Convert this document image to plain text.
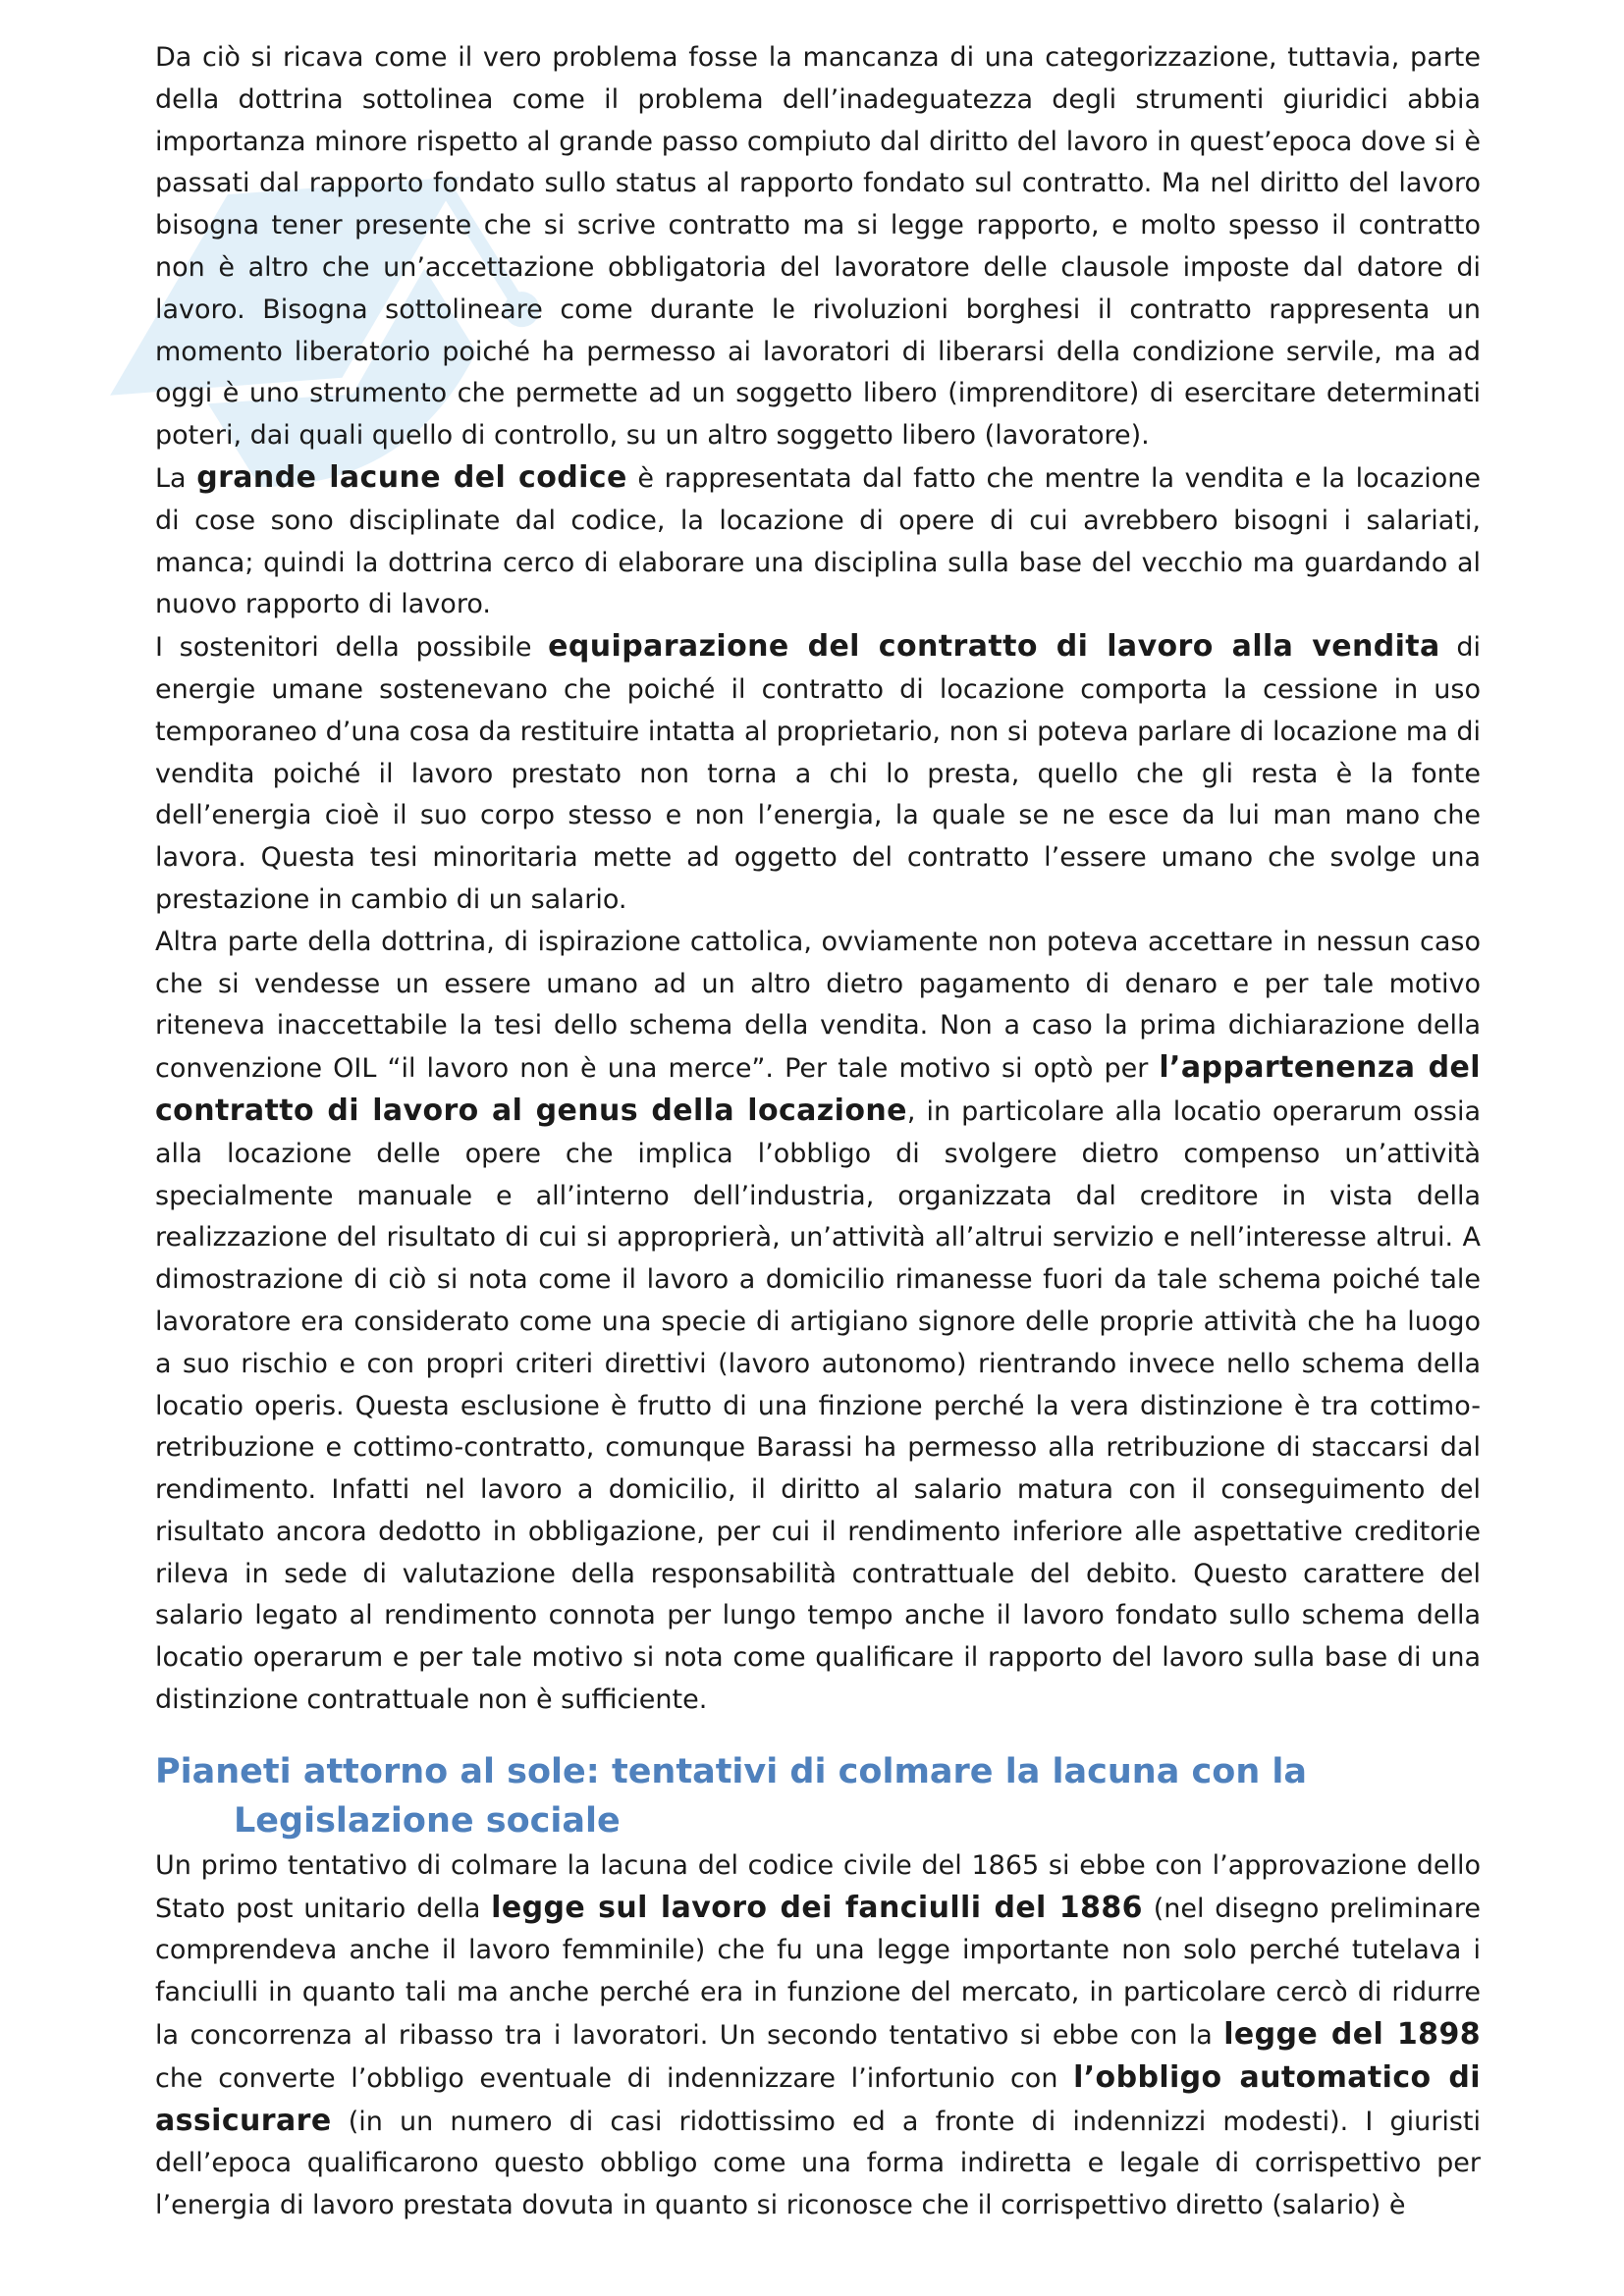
Da ciò si ricava come il vero problema fosse la mancanza di una categorizzazione, tuttavia, parte della dottrina sottolinea come il problema dell’inadeguatezza degli strumenti giuridici abbia importanza minore rispetto al grande passo compiuto dal diritto del lavoro in quest’epoca dove si è passati dal rapporto fondato sullo status al rapporto fondato sul contratto. Ma nel diritto del lavoro bisogna tener presente che si scrive contratto ma si legge rapporto, e molto spesso il contratto non è altro che un’accettazione obbligatoria del lavoratore delle clausole imposte dal datore di lavoro. Bisogna sottolineare come durante le rivoluzioni borghesi il contratto rappresenta un momento liberatorio poiché ha permesso ai lavoratori di liberarsi della condizione servile, ma ad oggi è uno strumento che permette ad un soggetto libero (imprenditore) di esercitare determinati poteri, dai quali quello di controllo, su un altro soggetto libero (lavoratore).

La grande lacune del codice è rappresentata dal fatto che mentre la vendita e la locazione di cose sono disciplinate dal codice, la locazione di opere di cui avrebbero bisogni i salariati, manca; quindi la dottrina cerco di elaborare una disciplina sulla base del vecchio ma guardando al nuovo rapporto di lavoro.

I sostenitori della possibile equiparazione del contratto di lavoro alla vendita di energie umane sostenevano che poiché il contratto di locazione comporta la cessione in uso temporaneo d’una cosa da restituire intatta al proprietario, non si poteva parlare di locazione ma di vendita poiché il lavoro prestato non torna a chi lo presta, quello che gli resta è la fonte dell’energia cioè il suo corpo stesso e non l’energia, la quale se ne esce da lui man mano che lavora. Questa tesi minoritaria mette ad oggetto del contratto l’essere umano che svolge una prestazione in cambio di un salario.

Altra parte della dottrina, di ispirazione cattolica, ovviamente non poteva accettare in nessun caso che si vendesse un essere umano ad un altro dietro pagamento di denaro e per tale motivo riteneva inaccettabile la tesi dello schema della vendita. Non a caso la prima dichiarazione della convenzione OIL “il lavoro non è una merce”. Per tale motivo si optò per l’appartenenza del contratto di lavoro al genus della locazione, in particolare alla locatio operarum ossia alla locazione delle opere che implica l’obbligo di svolgere dietro compenso un’attività specialmente manuale e all’interno dell’industria, organizzata dal creditore in vista della realizzazione del risultato di cui si approprierà, un’attività all’altrui servizio e nell’interesse altrui. A dimostrazione di ciò si nota come il lavoro a domicilio rimanesse fuori da tale schema poiché tale lavoratore era considerato come una specie di artigiano signore delle proprie attività che ha luogo a suo rischio e con propri criteri direttivi (lavoro autonomo) rientrando invece nello schema della locatio operis. Questa esclusione è frutto di una finzione perché la vera distinzione è tra cottimo-retribuzione e cottimo-contratto, comunque Barassi ha permesso alla retribuzione di staccarsi dal rendimento. Infatti nel lavoro a domicilio, il diritto al salario matura con il conseguimento del risultato ancora dedotto in obbligazione, per cui il rendimento inferiore alle aspettative creditorie rileva in sede di valutazione della responsabilità contrattuale del debito. Questo carattere del salario legato al rendimento connota per lungo tempo anche il lavoro fondato sullo schema della locatio operarum e per tale motivo si nota come qualificare il rapporto del lavoro sulla base di una distinzione contrattuale non è sufficiente.

Pianeti attorno al sole: tentativi di colmare la lacuna con la Legislazione sociale

Un primo tentativo di colmare la lacuna del codice civile del 1865 si ebbe con l’approvazione dello Stato post unitario della legge sul lavoro dei fanciulli del 1886 (nel disegno preliminare comprendeva anche il lavoro femminile) che fu una legge importante non solo perché tutelava i fanciulli in quanto tali ma anche perché era in funzione del mercato, in particolare cercò di ridurre la concorrenza al ribasso tra i lavoratori. Un secondo tentativo si ebbe con la legge del 1898 che converte l’obbligo eventuale di indennizzare l’infortunio con l’obbligo automatico di assicurare (in un numero di casi ridottissimo ed a fronte di indennizzi modesti). I giuristi dell’epoca qualificarono questo obbligo come una forma indiretta e legale di corrispettivo per l’energia di lavoro prestata dovuta in quanto si riconosce che il corrispettivo diretto (salario) è
